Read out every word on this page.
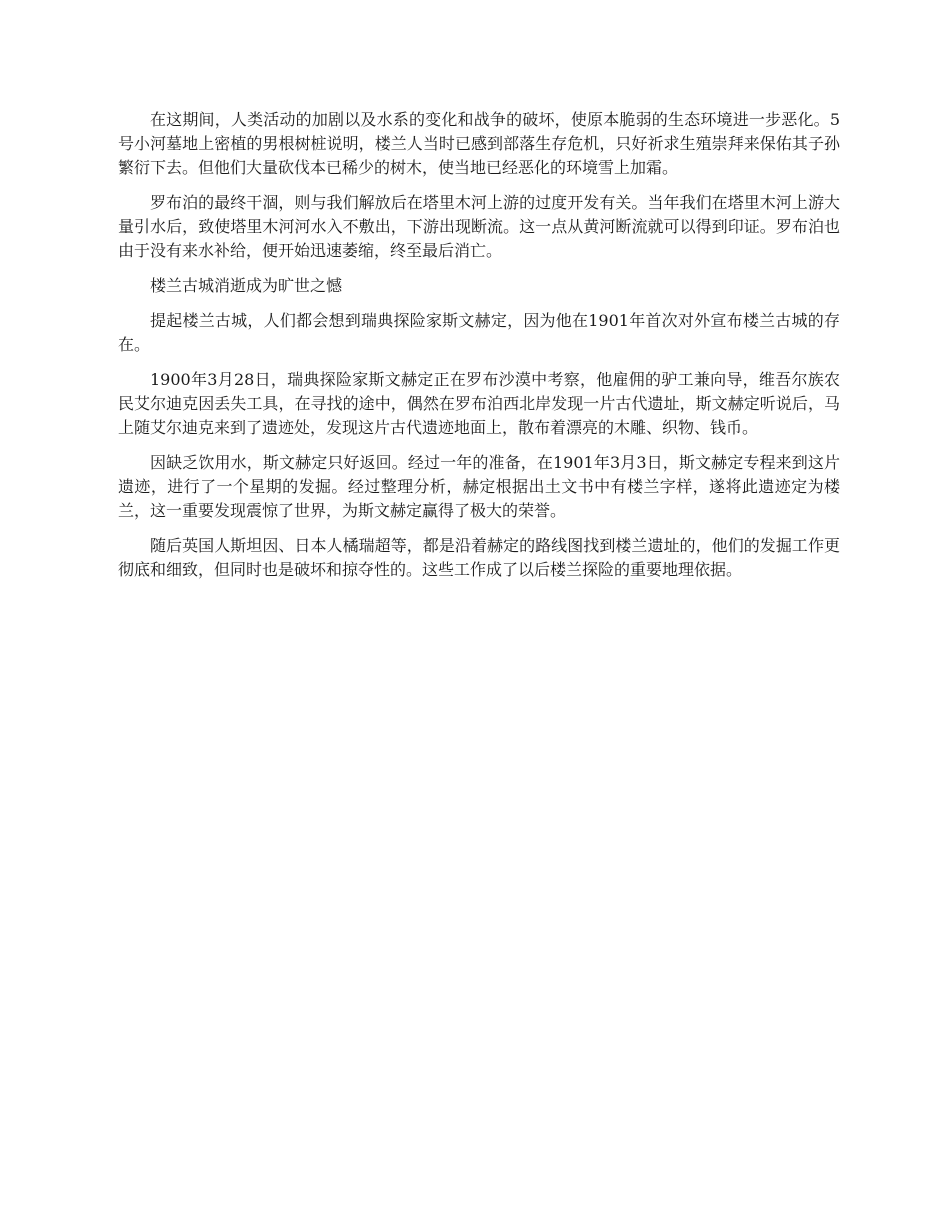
在这期间，人类活动的加剧以及水系的变化和战争的破坏，使原本脆弱的生态环境进一步恶化。5号小河墓地上密植的男根树桩说明，楼兰人当时已感到部落生存危机，只好祈求生殖崇拜来保佑其子孙繁衍下去。但他们大量砍伐本已稀少的树木，使当地已经恶化的环境雪上加霜。

罗布泊的最终干涸，则与我们解放后在塔里木河上游的过度开发有关。当年我们在塔里木河上游大量引水后，致使塔里木河河水入不敷出，下游出现断流。这一点从黄河断流就可以得到印证。罗布泊也由于没有来水补给，便开始迅速萎缩，终至最后消亡。

楼兰古城消逝成为旷世之憾

提起楼兰古城，人们都会想到瑞典探险家斯文赫定，因为他在1901年首次对外宣布楼兰古城的存在。

1900年3月28日，瑞典探险家斯文赫定正在罗布沙漠中考察，他雇佣的驴工兼向导，维吾尔族农民艾尔迪克因丢失工具，在寻找的途中，偶然在罗布泊西北岸发现一片古代遗址，斯文赫定听说后，马上随艾尔迪克来到了遗迹处，发现这片古代遗迹地面上，散布着漂亮的木雕、织物、钱币。

因缺乏饮用水，斯文赫定只好返回。经过一年的准备，在1901年3月3日，斯文赫定专程来到这片遗迹，进行了一个星期的发掘。经过整理分析，赫定根据出土文书中有楼兰字样，遂将此遗迹定为楼兰，这一重要发现震惊了世界，为斯文赫定赢得了极大的荣誉。

随后英国人斯坦因、日本人橘瑞超等，都是沿着赫定的路线图找到楼兰遗址的，他们的发掘工作更彻底和细致，但同时也是破坏和掠夺性的。这些工作成了以后楼兰探险的重要地理依据。
